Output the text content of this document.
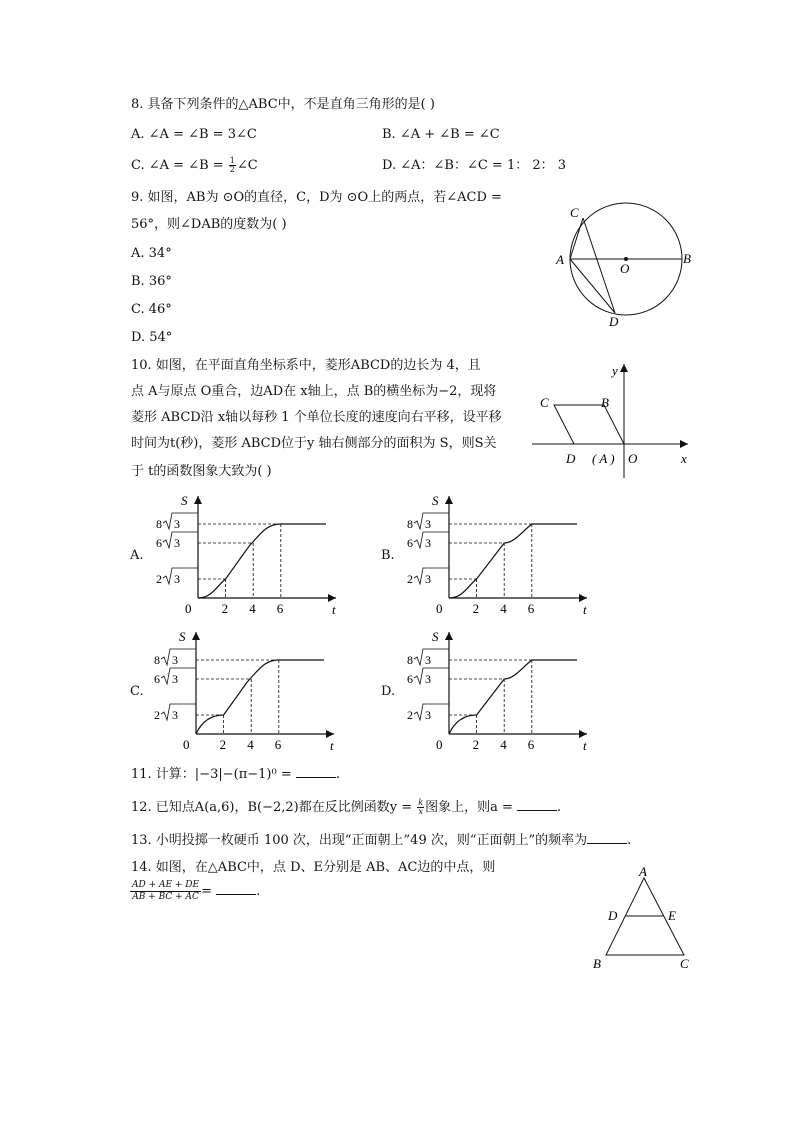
8. 具备下列条件的△ABC中，不是直角三角形的是( )
A. ∠A = ∠B = 3∠C	B. ∠A + ∠B = ∠C
C. ∠A = ∠B = $\frac{1}{2}$ ∠C	D. ∠A：∠B：∠C = 1： 2： 3
9. 如图，AB为 ⊙O的直径，C，D为 ⊙O上的两点，若∠ACD =
56°，则∠DAB的度数为( )
A. 34°
B. 36°
C. 46°
D. 54°
C
A
O
B
D
10. 如图，在平面直角坐标系中，菱形ABCD的边长为 4，且
点 A与原点 O重合，边AD在 x轴上，点 B的横坐标为−2，现将
菱形 ABCD沿 x轴以每秒 1 个单位长度的速度向右平移，设平移
时间为t(秒)，菱形 ABCD位于y 轴右侧部分的面积为 S，则S关
于 t的函数图象大致为( )
y
C	B
D ( A ) O	x
A.	B.
C.	D.
S
t
0 2 4 6
8 3
6 3
2 3
S
t
0 2 4 6
8 3
6 3
2 3
S
t
0 2 4 6
8 3
6 3
2 3
S
t
0 2 4 6
8 3
6 3
2 3
11. 计算：|−3|−(π−1)⁰ =	.
12. 已知点A(a,6)，B(−2,2)都在反比例函数$y = \frac{k}{x}$ 图象上，则a =	.
13. 小明投掷一枚硬币 100 次，出现“正面朝上”49 次，则“正面朝上”的频率为	.
14. 如图，在△ABC中，点 D、E分别是 AB、AC边的中点，则
$\frac{AD + AE + DE}{AB + BC + AC}$ =	.
A
D	E
B	C
